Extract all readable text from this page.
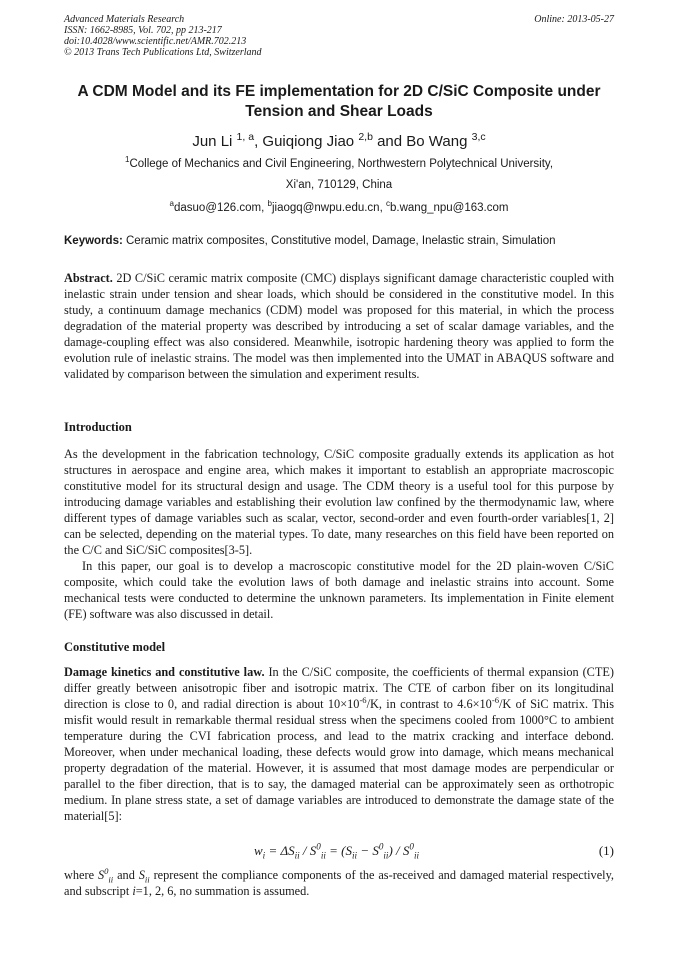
Advanced Materials Research
ISSN: 1662-8985, Vol. 702, pp 213-217
doi:10.4028/www.scientific.net/AMR.702.213
© 2013 Trans Tech Publications Ltd, Switzerland
Online: 2013-05-27
A CDM Model and its FE implementation for 2D C/SiC Composite under
Tension and Shear Loads
Jun Li $^{1, a}$, Guiqiong Jiao $^{2,b}$ and Bo Wang $^{3,c}$
$^1$College of Mechanics and Civil Engineering, Northwestern Polytechnical University,
Xi'an, 710129, China
$^a$dasuo@126.com, $^b$jiaogq@nwpu.edu.cn, $^c$b.wang_npu@163.com
Keywords: Ceramic matrix composites, Constitutive model, Damage, Inelastic strain, Simulation

Abstract. 2D C/SiC ceramic matrix composite (CMC) displays significant damage characteristic coupled with inelastic strain under tension and shear loads, which should be considered in the constitutive model. In this study, a continuum damage mechanics (CDM) model was proposed for this material, in which the process degradation of the material property was described by introducing a set of scalar damage variables, and the damage-coupling effect was also considered. Meanwhile, isotropic hardening theory was applied to form the evolution rule of inelastic strains. The model was then implemented into the UMAT in ABAQUS software and validated by comparison between the simulation and experiment results.

Introduction

As the development in the fabrication technology, C/SiC composite gradually extends its application as hot structures in aerospace and engine area, which makes it important to establish an appropriate macroscopic constitutive model for its structural design and usage. The CDM theory is a useful tool for this purpose by introducing damage variables and establishing their evolution law confined by the thermodynamic law, where different types of damage variables such as scalar, vector, second-order and even fourth-order variables[1, 2] can be selected, depending on the material types. To date, many researches on this field have been reported on the C/C and SiC/SiC composites[3-5].

In this paper, our goal is to develop a macroscopic constitutive model for the 2D plain-woven C/SiC composite, which could take the evolution laws of both damage and inelastic strains into account. Some mechanical tests were conducted to determine the unknown parameters. Its implementation in Finite element (FE) software was also discussed in detail.

Constitutive model

Damage kinetics and constitutive law. In the C/SiC composite, the coefficients of thermal expansion (CTE) differ greatly between anisotropic fiber and isotropic matrix. The CTE of carbon fiber on its longitudinal direction is close to 0, and radial direction is about $10\times 10^{-6}/K$, in contrast to $4.6\times 10^{-6}/K$ of SiC matrix. This misfit would result in remarkable thermal residual stress when the specimens cooled from 1000°C to ambient temperature during the CVI fabrication process, and lead to the matrix cracking and interface debond. Moreover, when under mechanical loading, these defects would grow into damage, which means mechanical property degradation of the material. However, it is assumed that most damage modes are perpendicular or parallel to the fiber direction, that is to say, the damaged material can be approximately seen as orthotropic medium. In plane stress state, a set of damage variables are introduced to demonstrate the damage state of the material[5]:

$w_i = \Delta S_{ii} / S^0_{ii} = (S_{ii} - S^0_{ii}) / S^0_{ii}$	(1)

where $S^0_{ii}$ and $S_{ii}$ represent the compliance components of the as-received and damaged material respectively, and subscript i=1, 2, 6, no summation is assumed.
